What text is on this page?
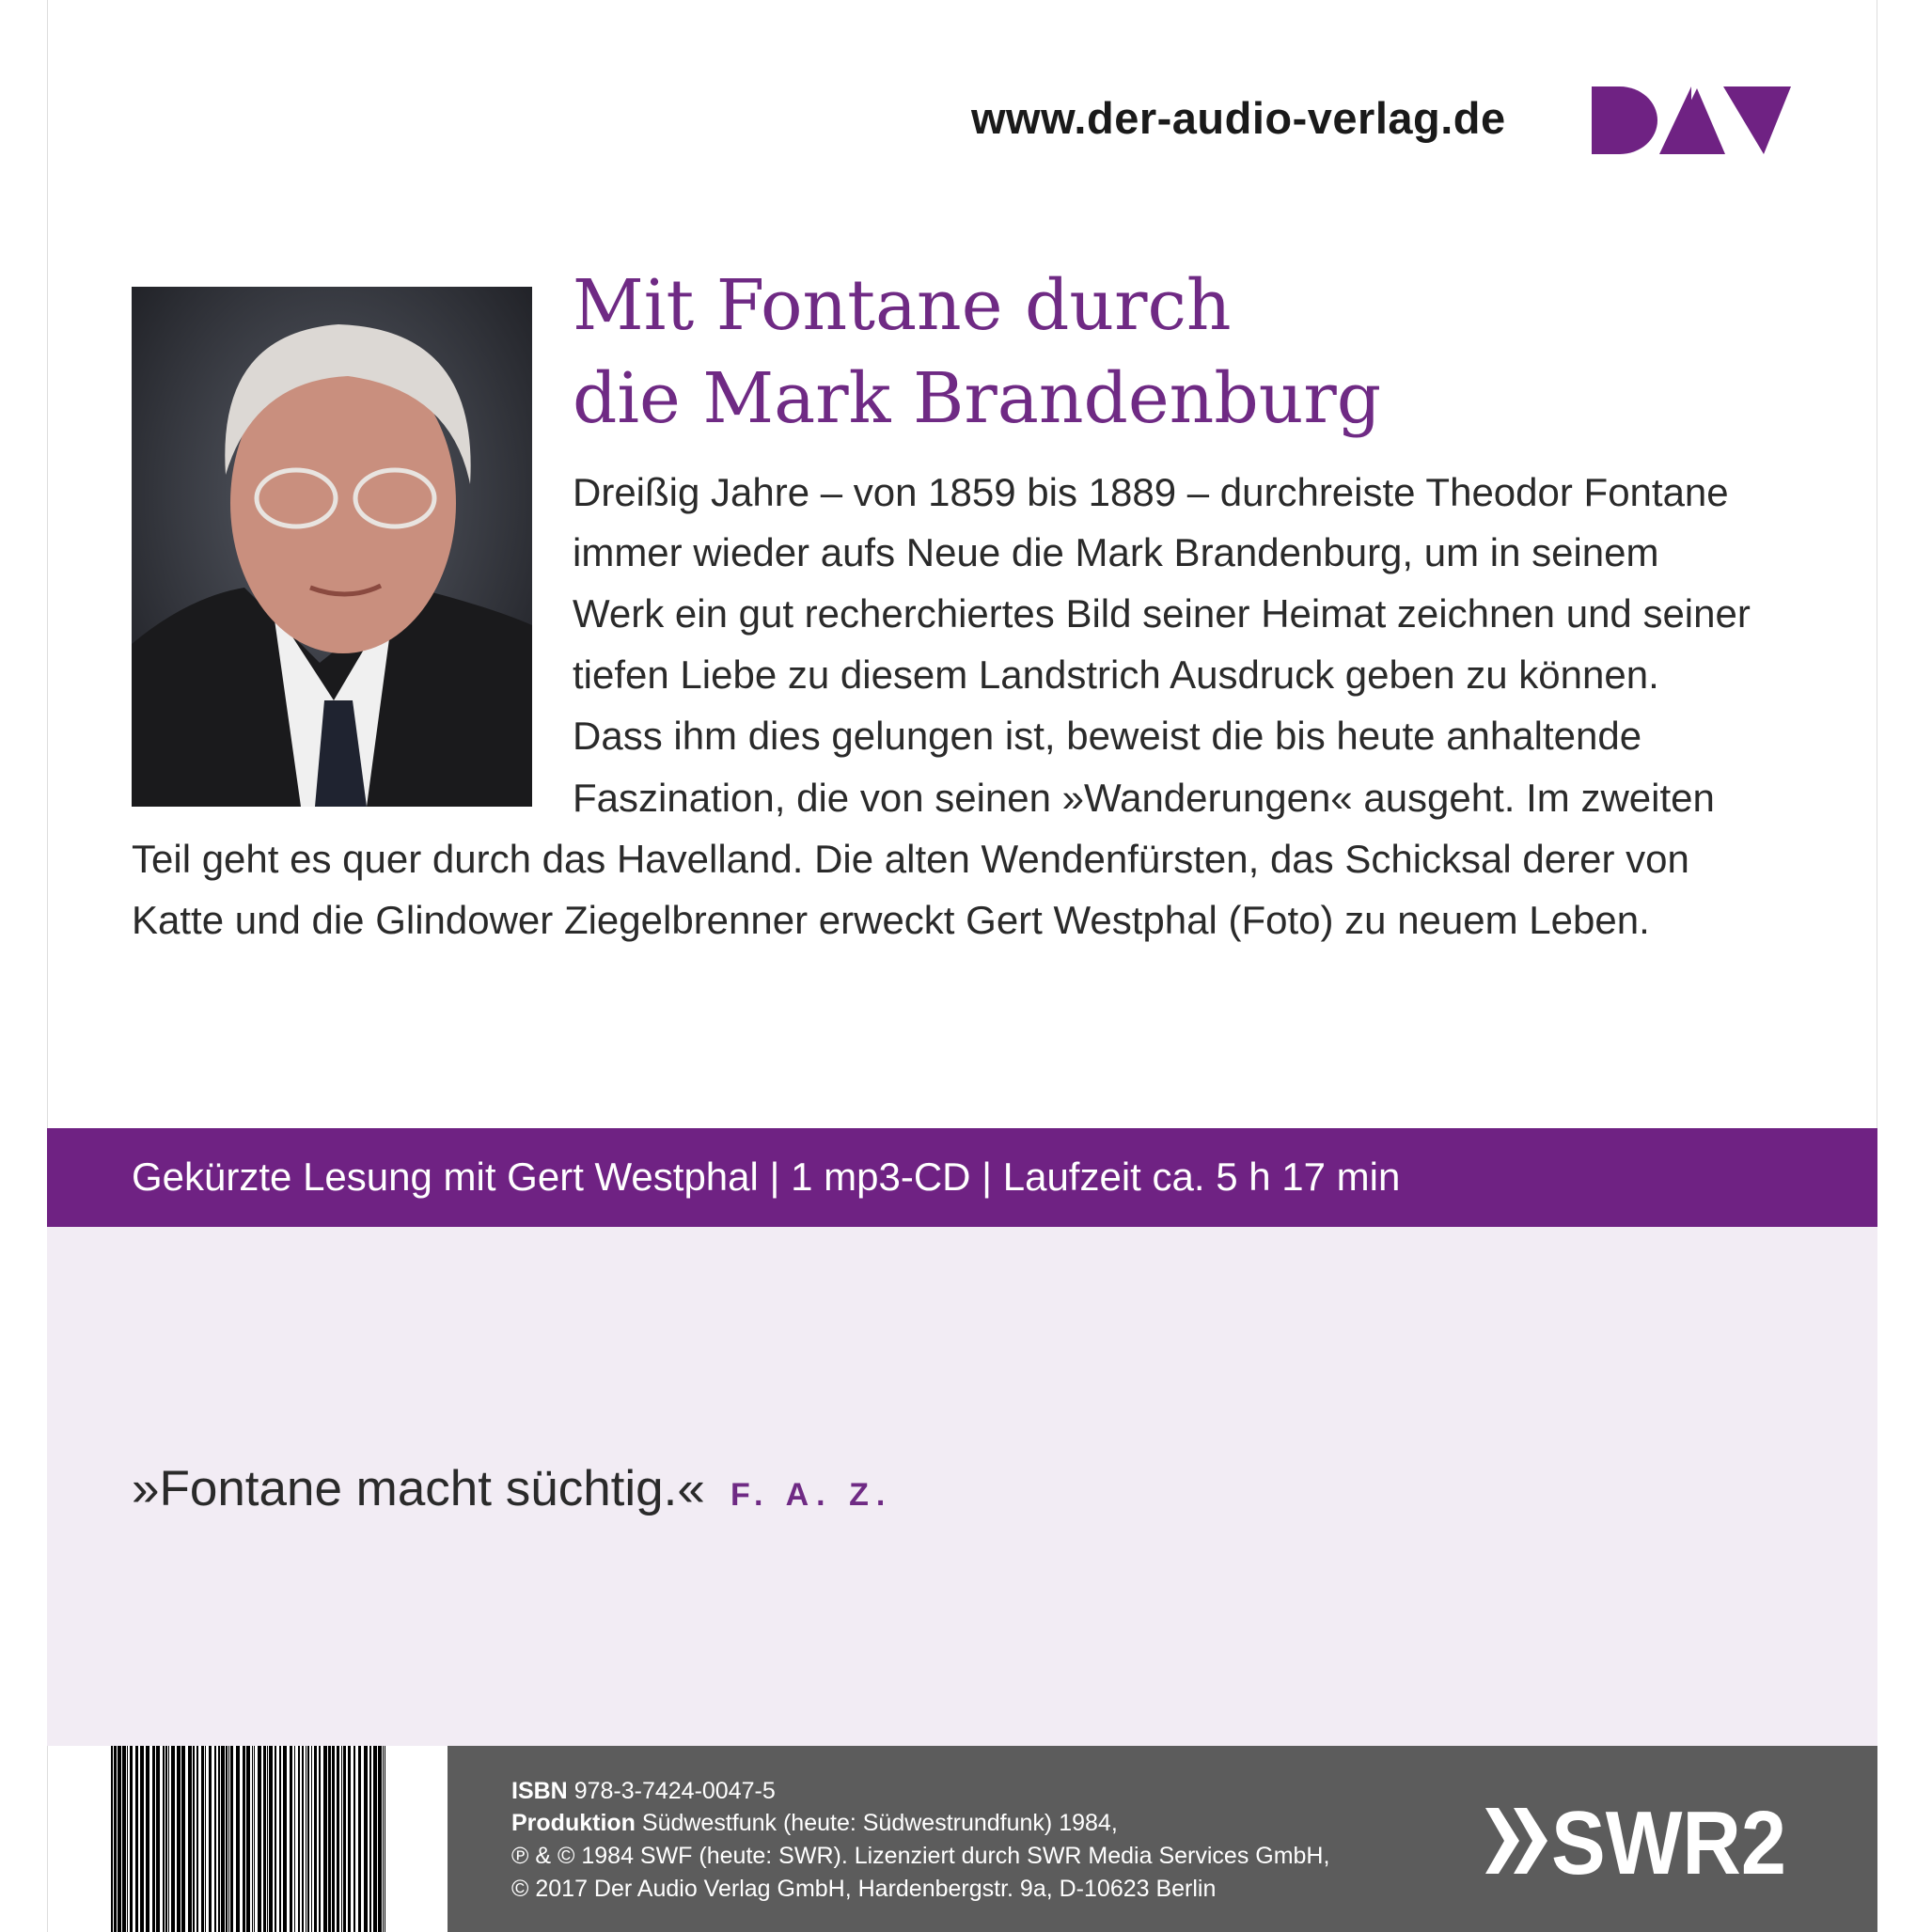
www.der-audio-verlag.de
Mit Fontane durch
die Mark Brandenburg
Dreißig Jahre – von 1859 bis 1889 – durchreiste Theodor Fontane
immer wieder aufs Neue die Mark Brandenburg, um in seinem
Werk ein gut recherchiertes Bild seiner Heimat zeichnen und seiner
tiefen Liebe zu diesem Landstrich Ausdruck geben zu können.
Dass ihm dies gelungen ist, beweist die bis heute anhaltende
Faszination, die von seinen »Wanderungen« ausgeht. Im zweiten
Teil geht es quer durch das Havelland. Die alten Wendenfürsten, das Schicksal derer von
Katte und die Glindower Ziegelbrenner erweckt Gert Westphal (Foto) zu neuem Leben.
Gekürzte Lesung mit Gert Westphal | 1 mp3-CD | Laufzeit ca. 5 h 17 min
»Fontane macht süchtig.« F. A. Z.
ISBN 978-3-7424-0047-5
Produktion Südwestfunk (heute: Südwestrundfunk) 1984,
℗ & © 1984 SWF (heute: SWR). Lizenziert durch SWR Media Services GmbH,
© 2017 Der Audio Verlag GmbH, Hardenbergstr. 9a, D-10623 Berlin	SWR2
